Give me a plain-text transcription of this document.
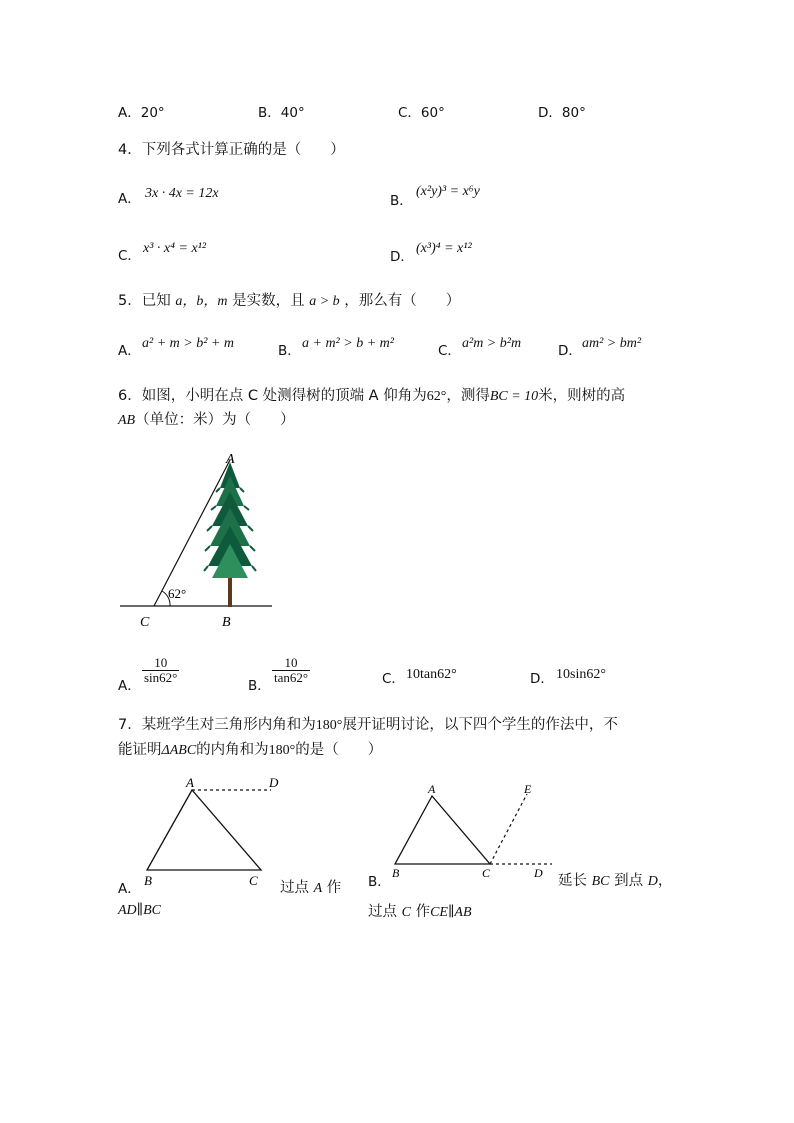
A．20°	B．40°	C．60°	D．80°
4．下列各式计算正确的是（　　）
A． 3x · 4x = 12x	B．
(x²y)³ = x⁶y
C． x³ · x⁴ = x¹²
D．
(x³)⁴ = x¹²
5．已知 a，b，m 是实数，且 a > b ，那么有（　　）
A． a² + m > b² + m	B． a + m² > b + m²	C． a²m > b²m	D． am² > bm²
6．如图，小明在点 C 处测得树的顶端 A 仰角为62°，测得BC = 10米，则树的高
AB（单位：米）为（　　）
A
C	B
62°
A．
$\frac{10}{\sin 62^\circ}$
B．
$\frac{10}{\tan 62^\circ}$	C． 10tan62°	D． 10sin62°
7．某班学生对三角形内角和为180°展开证明讨论，以下四个学生的作法中，不
能证明ΔABC的内角和为180°的是（　　）
A	D
B	C
A	E
B	C	D
A．	过点 A 作
AD∥BC
B．	延长 BC 到点 D，
过点 C 作CE∥AB
